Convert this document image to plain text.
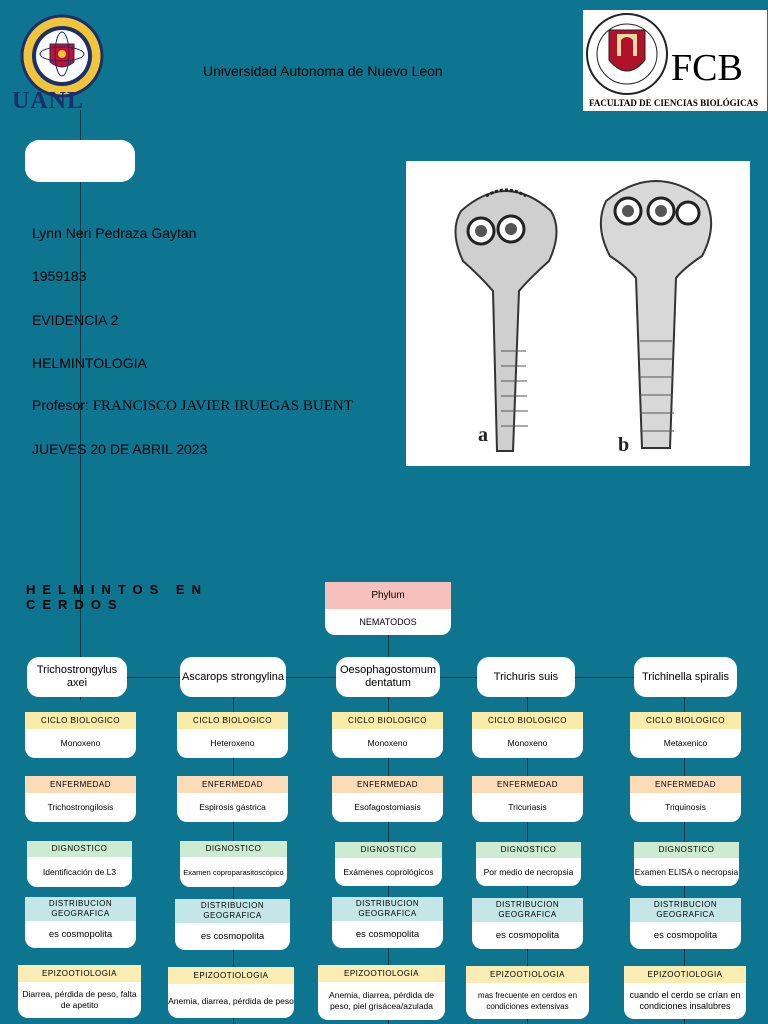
UANL
Universidad Autonoma de Nuevo Leon	FCB
FACULTAD DE CIENCIAS BIOLÓGICAS
Lynn Neri Pedraza Gaytan
1959183
EVIDENCIA 2
HELMINTOLOGIA
Profesor: FRANCISCO JAVIER IRUEGAS BUENT
JUEVES 20 DE ABRIL 2023
a	b
HELMINTOS EN CERDOS
Phylum
NEMATODOS
Trichostrongylus axei
CICLO BIOLOGICO
Monoxeno
ENFERMEDAD
Trichostrongilosis
DIGNOSTICO
Identificación de L3
DISTRIBUCION GEOGRAFICA
es cosmopolita
EPIZOOTIOLOGIA
Diarrea, pérdida de peso, falta de apetito
Ascarops strongylina
CICLO BIOLOGICO
Heteroxeno
ENFERMEDAD
Espirosis gástrica
DIGNOSTICO
Examen coproparasitoscópico
DISTRIBUCION GEOGRAFICA
es cosmopolita
EPIZOOTIOLOGIA
Anemia, diarrea, pérdida de peso
Oesophagostomum dentatum
CICLO BIOLOGICO
Monoxeno
ENFERMEDAD
Esofagostomiasis
DIGNOSTICO
Exámenes coprológicos
DISTRIBUCION GEOGRAFICA
es cosmopolita
EPIZOOTIOLOGIA
Anemia, diarrea, pérdida de peso, piel grisácea/azulada
Trichuris suis
CICLO BIOLOGICO
Monoxeno
ENFERMEDAD
Tricuriasis
DIGNOSTICO
Por medio de necropsia
DISTRIBUCION GEOGRAFICA
es cosmopolita
EPIZOOTIOLOGIA
mas frecuente en cerdos en condiciones extensivas
Trichinella spiralis
CICLO BIOLOGICO
Metaxenico
ENFERMEDAD
Triquinosis
DIGNOSTICO
Examen ELISA o necropsia
DISTRIBUCION GEOGRAFICA
es cosmopolita
EPIZOOTIOLOGIA
cuando el cerdo se crían en condiciones insalubres
